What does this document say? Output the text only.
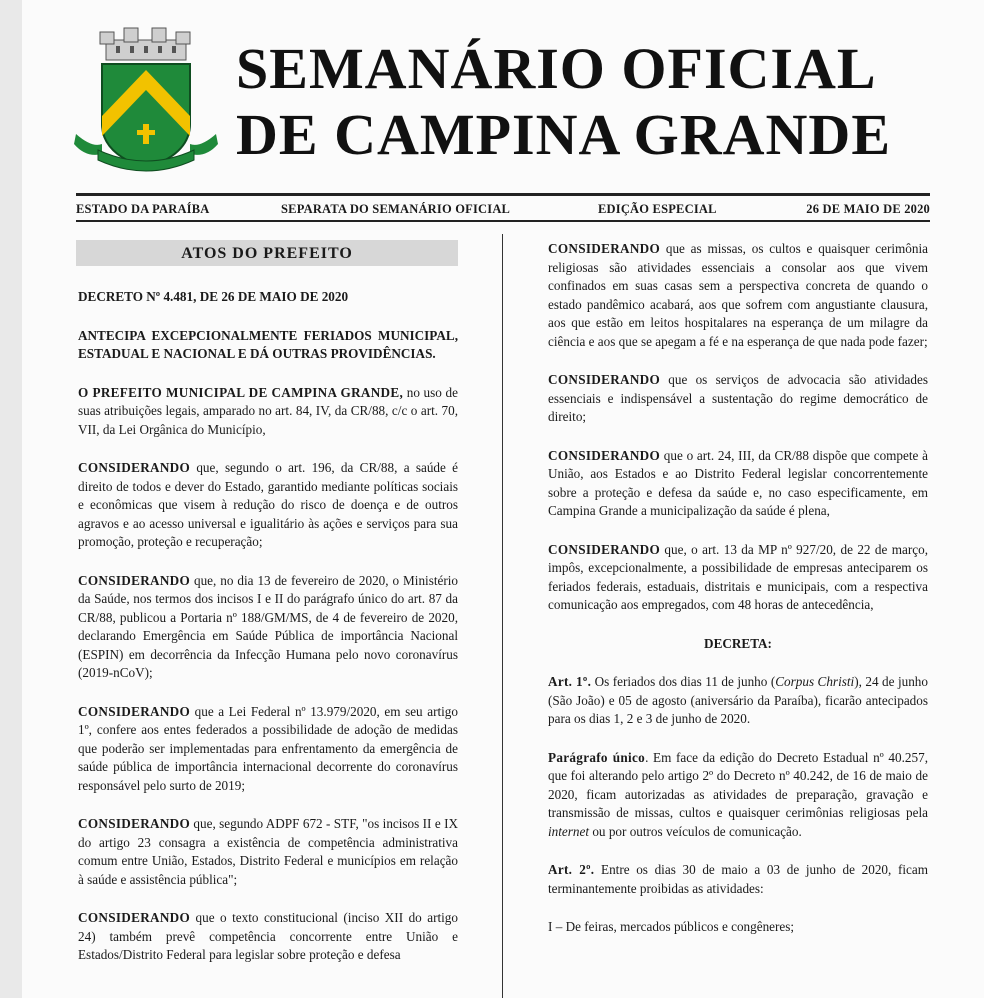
SEMANÁRIO OFICIAL
DE CAMPINA GRANDE
ESTADO DA PARAÍBA	SEPARATA DO SEMANÁRIO OFICIAL	EDIÇÃO ESPECIAL	26 DE MAIO DE 2020
ATOS DO PREFEITO

DECRETO Nº 4.481, DE 26 DE MAIO DE 2020

ANTECIPA EXCEPCIONALMENTE FERIADOS MUNICIPAL, ESTADUAL E NACIONAL E DÁ OUTRAS PROVIDÊNCIAS.

O PREFEITO MUNICIPAL DE CAMPINA GRANDE, no uso de suas atribuições legais, amparado no art. 84, IV, da CR/88, c/c o art. 70, VII, da Lei Orgânica do Município,

CONSIDERANDO que, segundo o art. 196, da CR/88, a saúde é direito de todos e dever do Estado, garantido mediante políticas sociais e econômicas que visem à redução do risco de doença e de outros agravos e ao acesso universal e igualitário às ações e serviços para sua promoção, proteção e recuperação;

CONSIDERANDO que, no dia 13 de fevereiro de 2020, o Ministério da Saúde, nos termos dos incisos I e II do parágrafo único do art. 87 da CR/88, publicou a Portaria nº 188/GM/MS, de 4 de fevereiro de 2020, declarando Emergência em Saúde Pública de importância Nacional (ESPIN) em decorrência da Infecção Humana pelo novo coronavírus (2019-nCoV);

CONSIDERANDO que a Lei Federal nº 13.979/2020, em seu artigo 1º, confere aos entes federados a possibilidade de adoção de medidas que poderão ser implementadas para enfrentamento da emergência de saúde pública de importância internacional decorrente do coronavírus responsável pelo surto de 2019;

CONSIDERANDO que, segundo ADPF 672 - STF, "os incisos II e IX do artigo 23 consagra a existência de competência administrativa comum entre União, Estados, Distrito Federal e municípios em relação à saúde e assistência pública";

CONSIDERANDO que o texto constitucional (inciso XII do artigo 24) também prevê competência concorrente entre União e Estados/Distrito Federal para legislar sobre proteção e defesa

CONSIDERANDO que as missas, os cultos e quaisquer cerimônia religiosas são atividades essenciais a consolar aos que vivem confinados em suas casas sem a perspectiva concreta de quando o estado pandêmico acabará, aos que sofrem com angustiante clausura, aos que estão em leitos hospitalares na esperança de um milagre da ciência e aos que se apegam a fé e na esperança de que nada pode fazer;

CONSIDERANDO que os serviços de advocacia são atividades essenciais e indispensável a sustentação do regime democrático de direito;

CONSIDERANDO que o art. 24, III, da CR/88 dispõe que compete à União, aos Estados e ao Distrito Federal legislar concorrentemente sobre a proteção e defesa da saúde e, no caso especificamente, em Campina Grande a municipalização da saúde é plena,

CONSIDERANDO que, o art. 13 da MP nº 927/20, de 22 de março, impôs, excepcionalmente, a possibilidade de empresas anteciparem os feriados federais, estaduais, distritais e municipais, com a respectiva comunicação aos empregados, com 48 horas de antecedência,

DECRETA:

Art. 1º. Os feriados dos dias 11 de junho (Corpus Christi), 24 de junho (São João) e 05 de agosto (aniversário da Paraíba), ficarão antecipados para os dias 1, 2 e 3 de junho de 2020.

Parágrafo único. Em face da edição do Decreto Estadual nº 40.257, que foi alterando pelo artigo 2º do Decreto nº 40.242, de 16 de maio de 2020, ficam autorizadas as atividades de preparação, gravação e transmissão de missas, cultos e quaisquer cerimônias religiosas pela internet ou por outros veículos de comunicação.

Art. 2º. Entre os dias 30 de maio a 03 de junho de 2020, ficam terminantemente proibidas as atividades:

I – De feiras, mercados públicos e congêneres;
